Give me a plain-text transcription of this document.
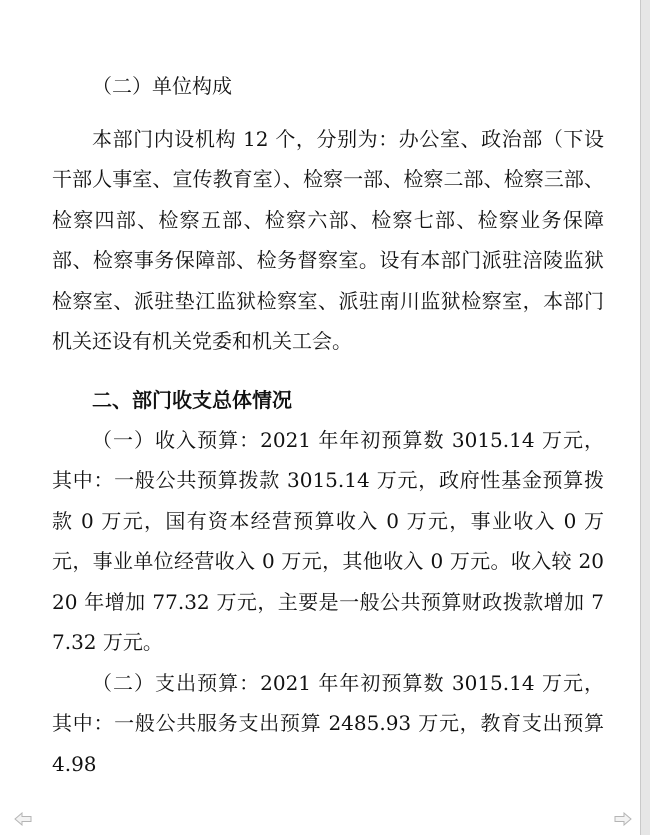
（二）单位构成

本部门内设机构 12 个，分别为：办公室、政治部（下设干部人事室、宣传教育室）、检察一部、检察二部、检察三部、检察四部、检察五部、检察六部、检察七部、检察业务保障部、检察事务保障部、检务督察室。设有本部门派驻涪陵监狱检察室、派驻垫江监狱检察室、派驻南川监狱检察室，本部门机关还设有机关党委和机关工会。

二、部门收支总体情况

（一）收入预算：2021 年年初预算数 3015.14 万元，其中：一般公共预算拨款 3015.14 万元，政府性基金预算拨款 0 万元，国有资本经营预算收入 0 万元，事业收入 0 万元，事业单位经营收入 0 万元，其他收入 0 万元。收入较 2020 年增加 77.32 万元，主要是一般公共预算财政拨款增加 77.32 万元。

（二）支出预算：2021 年年初预算数 3015.14 万元，其中：一般公共服务支出预算 2485.93 万元，教育支出预算 4.98
